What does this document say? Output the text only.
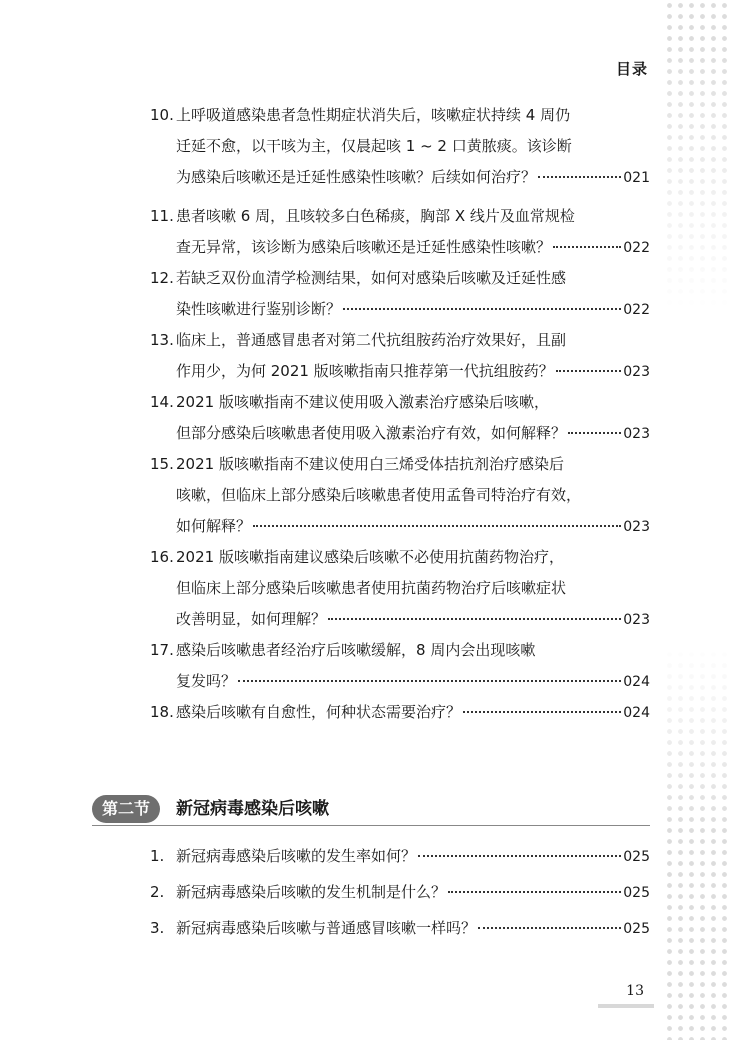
目录
10. 上呼吸道感染患者急性期症状消失后，咳嗽症状持续 4 周仍
迁延不愈，以干咳为主，仅晨起咳 1 ~ 2 口黄脓痰。该诊断
为感染后咳嗽还是迁延性感染性咳嗽？后续如何治疗？	021
11. 患者咳嗽 6 周，且咳较多白色稀痰，胸部 X 线片及血常规检
查无异常，该诊断为感染后咳嗽还是迁延性感染性咳嗽？	022
12. 若缺乏双份血清学检测结果，如何对感染后咳嗽及迁延性感
染性咳嗽进行鉴别诊断？	022
13. 临床上，普通感冒患者对第二代抗组胺药治疗效果好，且副
作用少，为何 2021 版咳嗽指南只推荐第一代抗组胺药？	023
14. 2021 版咳嗽指南不建议使用吸入激素治疗感染后咳嗽，
但部分感染后咳嗽患者使用吸入激素治疗有效，如何解释？	023
15. 2021 版咳嗽指南不建议使用白三烯受体拮抗剂治疗感染后
咳嗽，但临床上部分感染后咳嗽患者使用孟鲁司特治疗有效，
如何解释？	023
16. 2021 版咳嗽指南建议感染后咳嗽不必使用抗菌药物治疗，
但临床上部分感染后咳嗽患者使用抗菌药物治疗后咳嗽症状
改善明显，如何理解？	023
17. 感染后咳嗽患者经治疗后咳嗽缓解，8 周内会出现咳嗽
复发吗？	024
18. 感染后咳嗽有自愈性，何种状态需要治疗？	024
第二节	新冠病毒感染后咳嗽
1. 新冠病毒感染后咳嗽的发生率如何？	025
2. 新冠病毒感染后咳嗽的发生机制是什么？	025
3. 新冠病毒感染后咳嗽与普通感冒咳嗽一样吗？	025
13
